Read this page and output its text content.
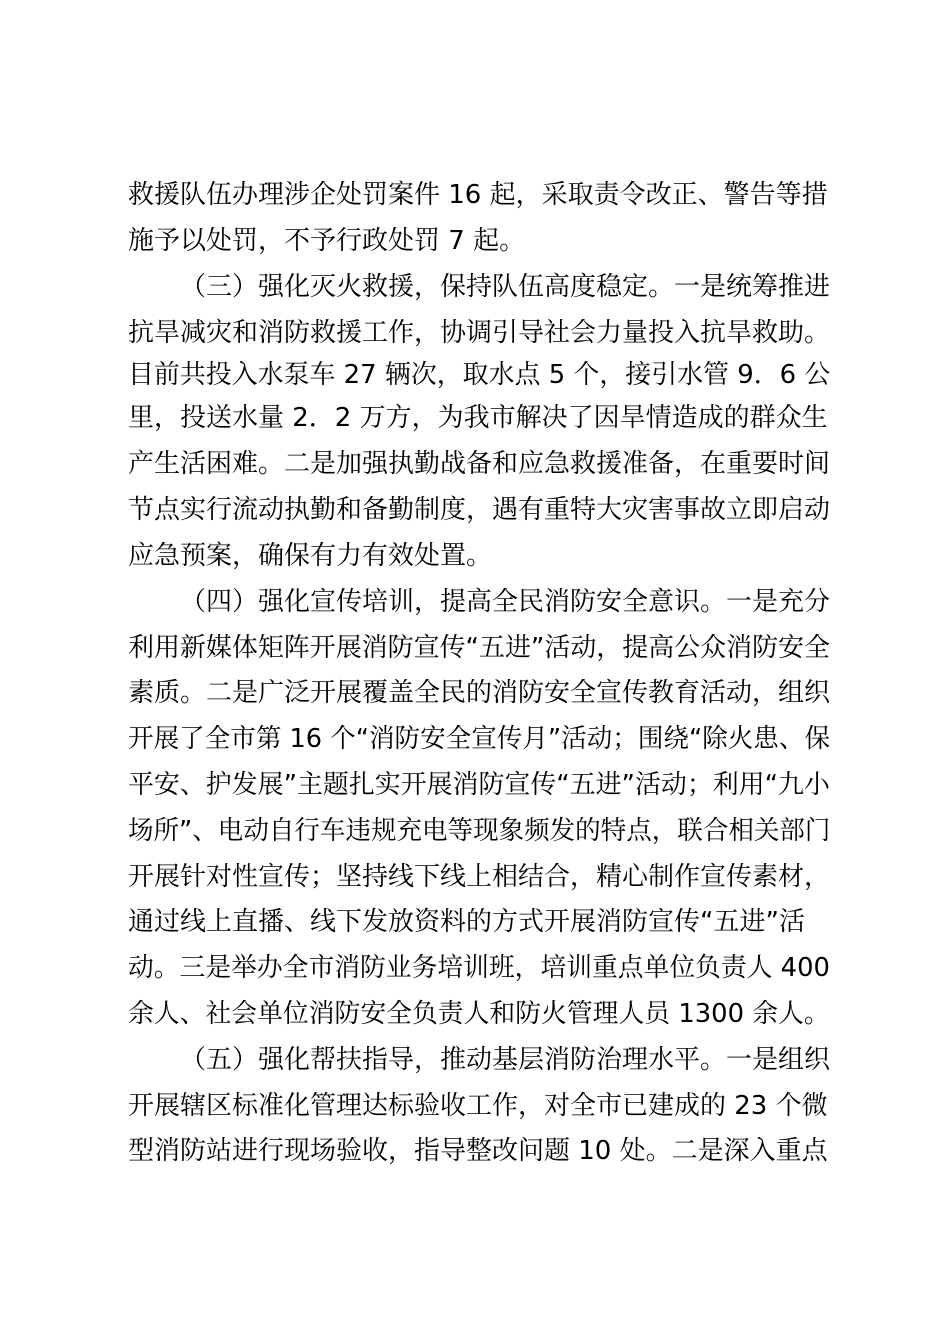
救援队伍办理涉企处罚案件 16 起，采取责令改正、警告等措
施予以处罚，不予行政处罚 7 起。
（三）强化灭火救援，保持队伍高度稳定。一是统筹推进
抗旱减灾和消防救援工作，协调引导社会力量投入抗旱救助。
目前共投入水泵车 27 辆次，取水点 5 个，接引水管 9．6 公
里，投送水量 2．2 万方，为我市解决了因旱情造成的群众生
产生活困难。二是加强执勤战备和应急救援准备，在重要时间
节点实行流动执勤和备勤制度，遇有重特大灾害事故立即启动
应急预案，确保有力有效处置。
（四）强化宣传培训，提高全民消防安全意识。一是充分
利用新媒体矩阵开展消防宣传“五进”活动，提高公众消防安全
素质。二是广泛开展覆盖全民的消防安全宣传教育活动，组织
开展了全市第 16 个“消防安全宣传月”活动；围绕“除火患、保
平安、护发展”主题扎实开展消防宣传“五进”活动；利用“九小
场所”、电动自行车违规充电等现象频发的特点，联合相关部门
开展针对性宣传；坚持线下线上相结合，精心制作宣传素材，
通过线上直播、线下发放资料的方式开展消防宣传“五进”活
动。三是举办全市消防业务培训班，培训重点单位负责人 400
余人、社会单位消防安全负责人和防火管理人员 1300 余人。
（五）强化帮扶指导，推动基层消防治理水平。一是组织
开展辖区标准化管理达标验收工作，对全市已建成的 23 个微
型消防站进行现场验收，指导整改问题 10 处。二是深入重点
